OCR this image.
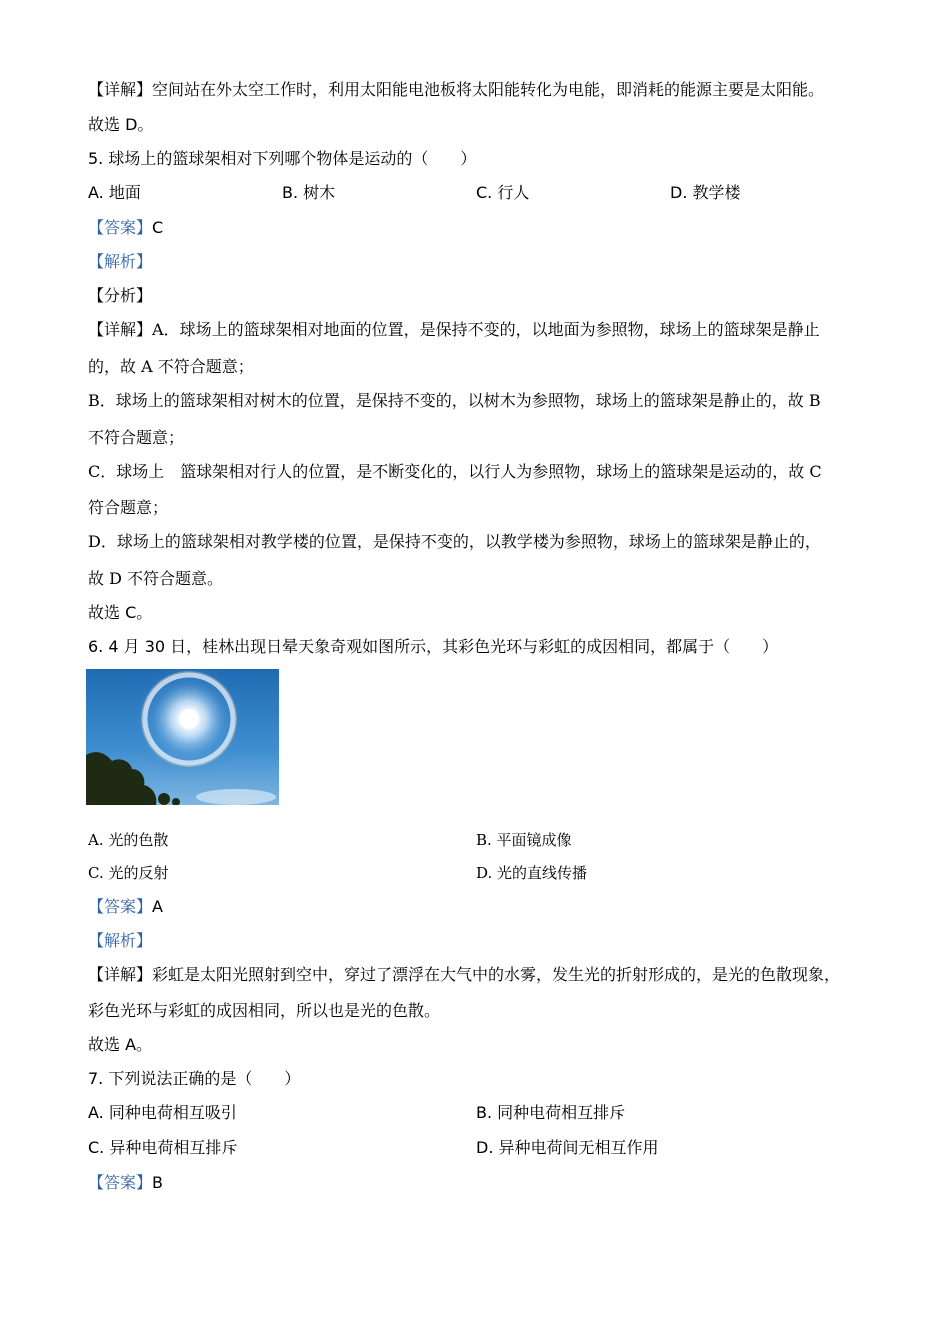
【详解】空间站在外太空工作时，利用太阳能电池板将太阳能转化为电能，即消耗的能源主要是太阳能。
故选 D。
5. 球场上的篮球架相对下列哪个物体是运动的（　　）
A. 地面	B. 树木	C. 行人	D. 教学楼
【答案】C
【解析】
【分析】
【详解】A．球场上的篮球架相对地面的位置，是保持不变的，以地面为参照物，球场上的篮球架是静止
的，故 A 不符合题意；
B．球场上的篮球架相对树木的位置，是保持不变的，以树木为参照物，球场上的篮球架是静止的，故 B
不符合题意；
C．球场上　篮球架相对行人的位置，是不断变化的，以行人为参照物，球场上的篮球架是运动的，故 C
符合题意；
D．球场上的篮球架相对教学楼的位置，是保持不变的，以教学楼为参照物，球场上的篮球架是静止的，
故 D 不符合题意。
故选 C。
6. 4 月 30 日，桂林出现日晕天象奇观如图所示，其彩色光环与彩虹的成因相同，都属于（　　）
A. 光的色散	B. 平面镜成像
C. 光的反射	D. 光的直线传播
【答案】A
【解析】
【详解】彩虹是太阳光照射到空中，穿过了漂浮在大气中的水雾，发生光的折射形成的，是光的色散现象，
彩色光环与彩虹的成因相同，所以也是光的色散。
故选 A。
7. 下列说法正确的是（　　）
A. 同种电荷相互吸引	B. 同种电荷相互排斥
C. 异种电荷相互排斥	D. 异种电荷间无相互作用
【答案】B
